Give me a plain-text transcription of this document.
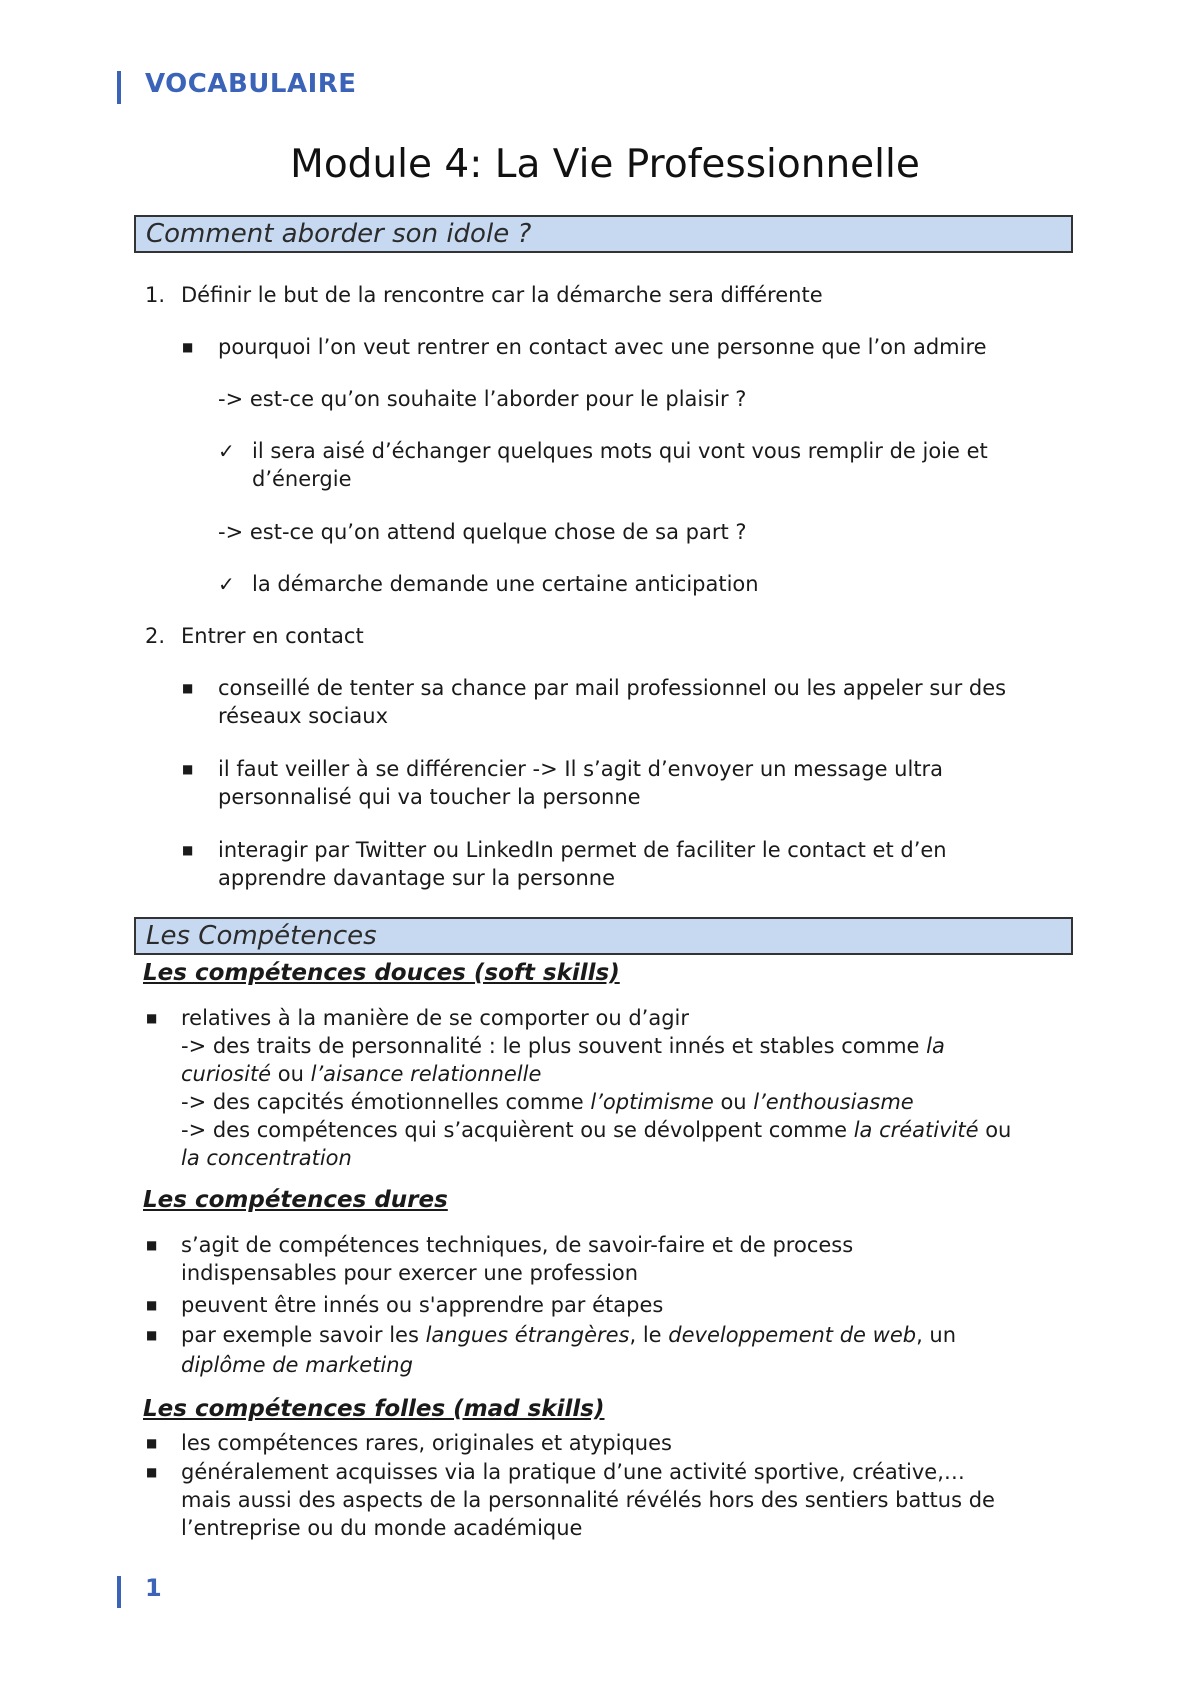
VOCABULAIRE
Module 4: La Vie Professionnelle
Comment aborder son idole ?
1. Définir le but de la rencontre car la démarche sera différente
■ pourquoi l’on veut rentrer en contact avec une personne que l’on admire
-> est-ce qu’on souhaite l’aborder pour le plaisir ?
✓ il sera aisé d’échanger quelques mots qui vont vous remplir de joie et
d’énergie
-> est-ce qu’on attend quelque chose de sa part ?
✓ la démarche demande une certaine anticipation
2. Entrer en contact
■ conseillé de tenter sa chance par mail professionnel ou les appeler sur des
réseaux sociaux
■ il faut veiller à se différencier -> Il s’agit d’envoyer un message ultra
personnalisé qui va toucher la personne
■ interagir par Twitter ou LinkedIn permet de faciliter le contact et d’en
apprendre davantage sur la personne
Les Compétences
Les compétences douces (soft skills)
■ relatives à la manière de se comporter ou d’agir
-> des traits de personnalité : le plus souvent innés et stables comme la
curiosité ou l’aisance relationnelle
-> des capcités émotionnelles comme l’optimisme ou l’enthousiasme
-> des compétences qui s’acquièrent ou se dévolppent comme la créativité ou
la concentration
Les compétences dures
■ s’agit de compétences techniques, de savoir-faire et de process
indispensables pour exercer une profession
■ peuvent être innés ou s'apprendre par étapes
■ par exemple savoir les langues étrangères, le developpement de web, un
diplôme de marketing
Les compétences folles (mad skills)
■ les compétences rares, originales et atypiques
■ généralement acquisses via la pratique d’une activité sportive, créative,…
mais aussi des aspects de la personnalité révélés hors des sentiers battus de
l’entreprise ou du monde académique
1
